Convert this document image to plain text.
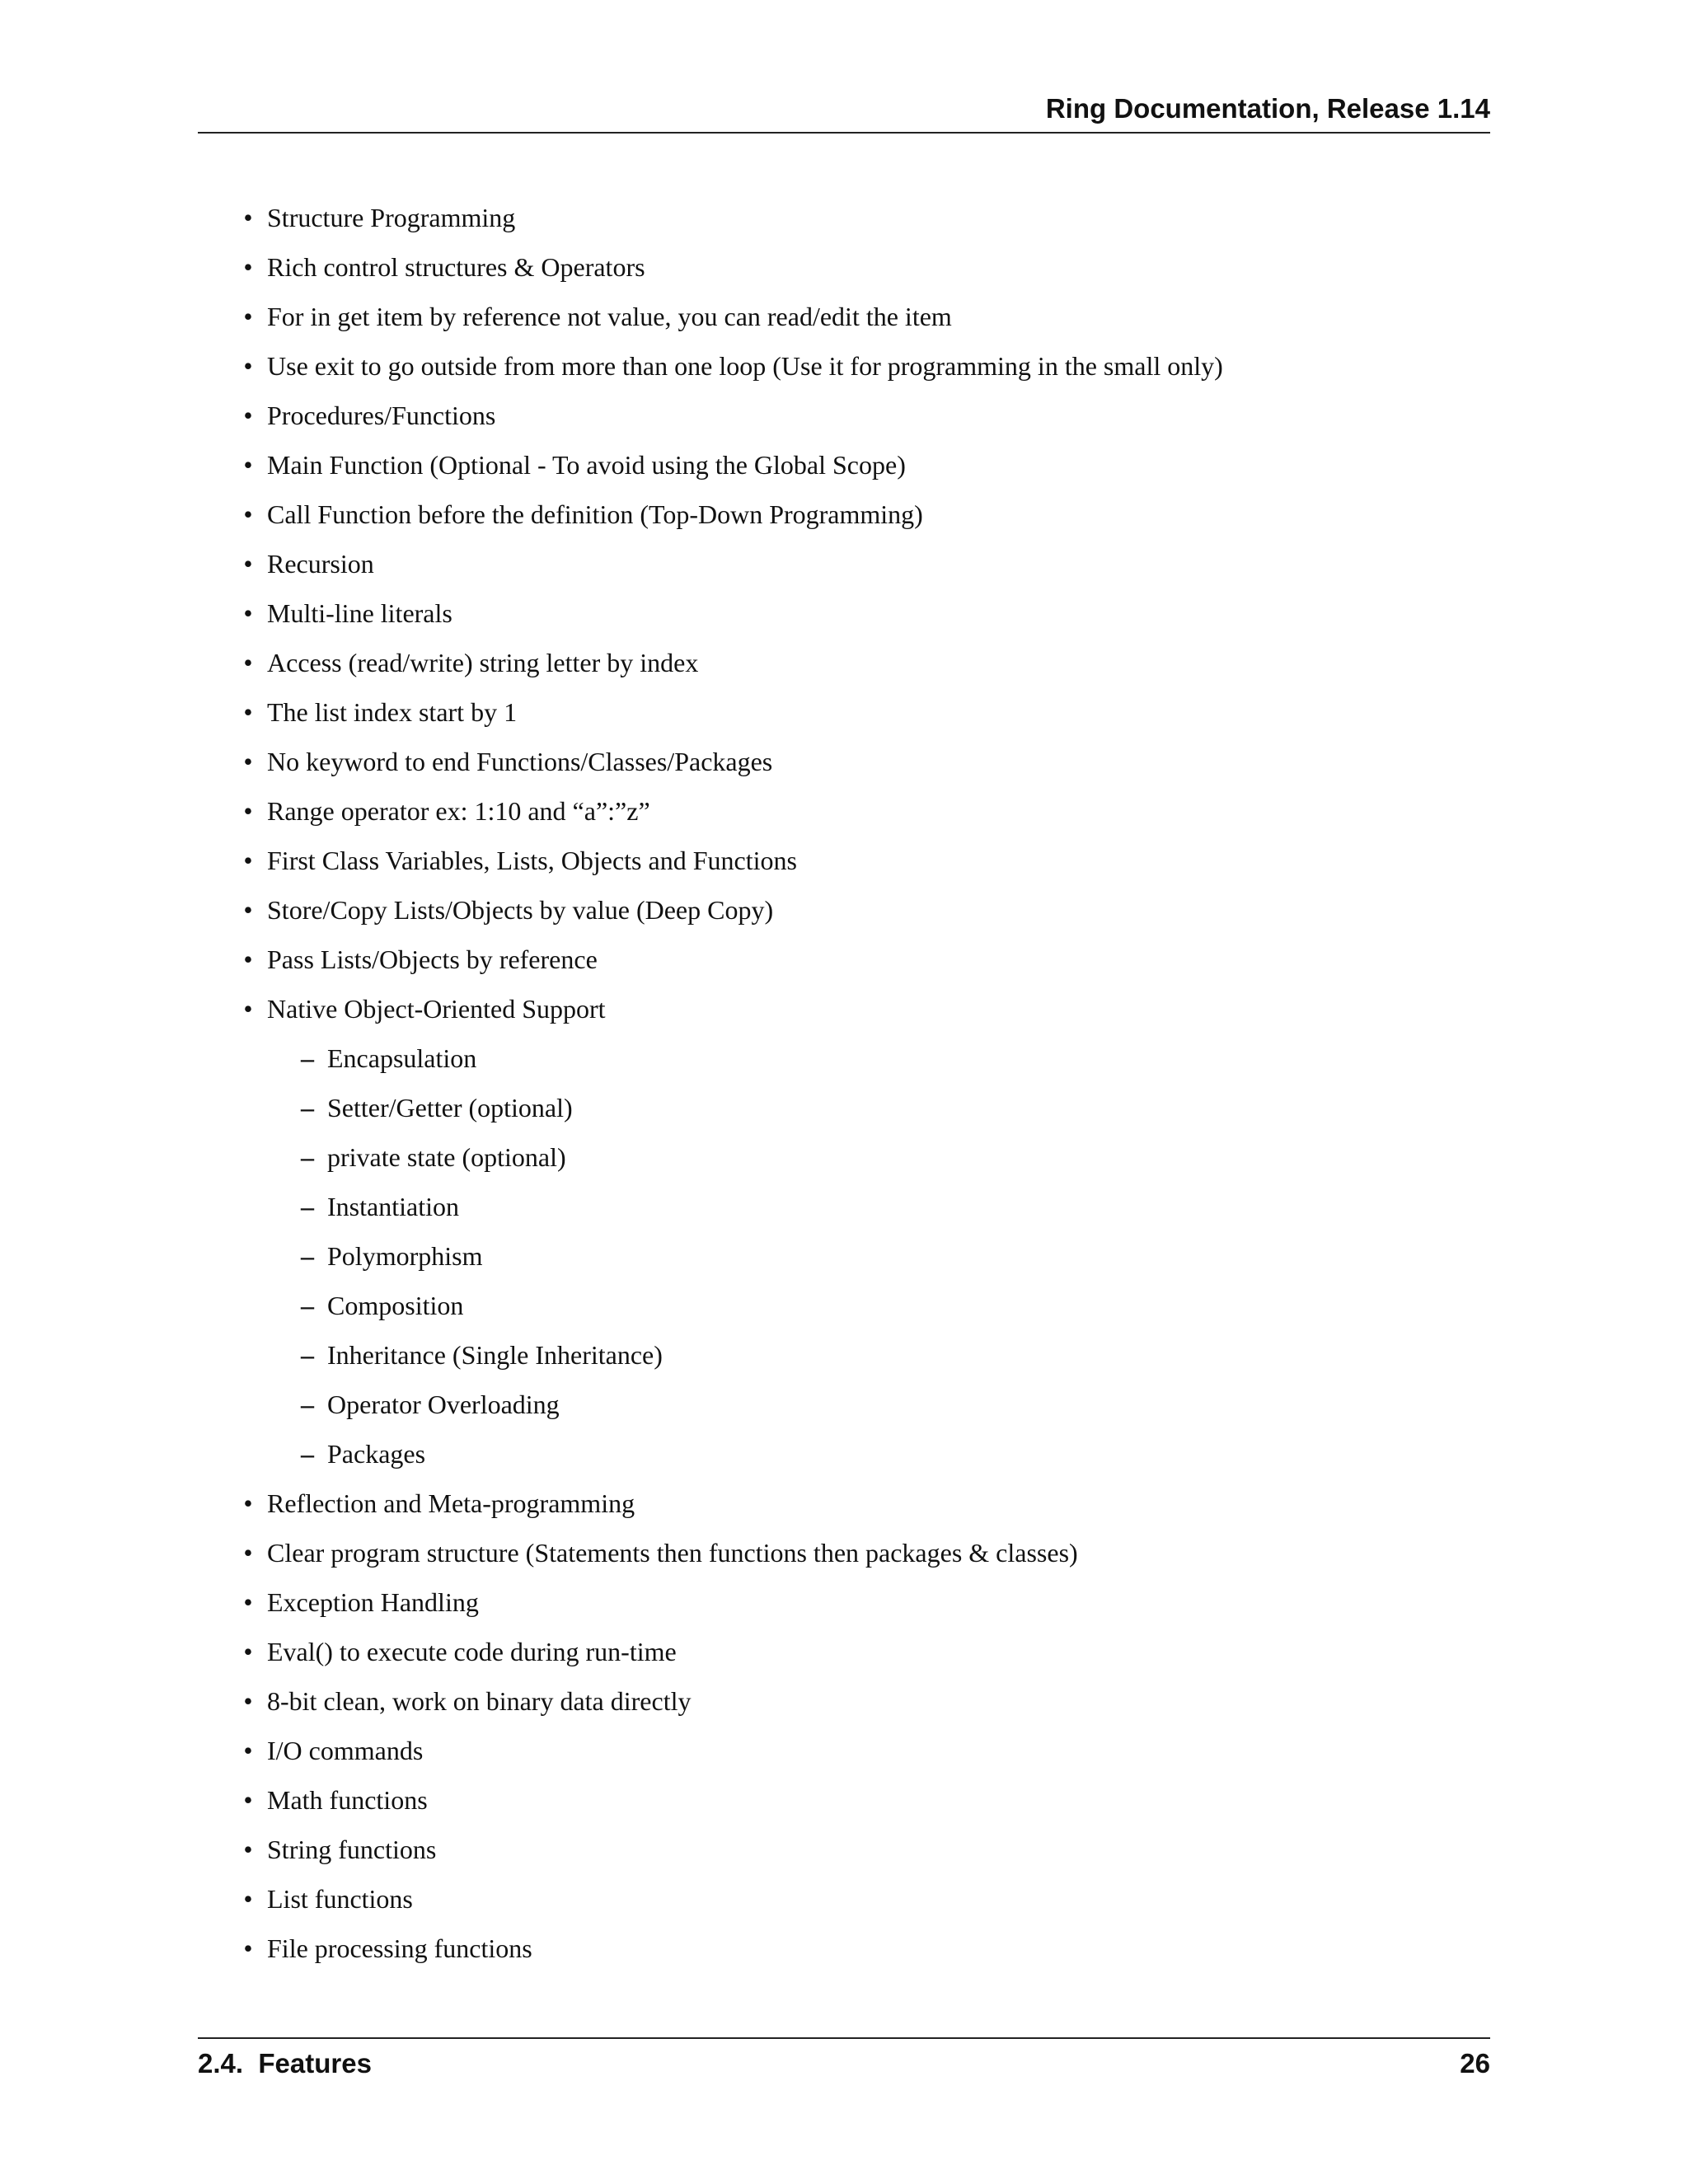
Ring Documentation, Release 1.14
• Structure Programming
• Rich control structures & Operators
• For in get item by reference not value, you can read/edit the item
• Use exit to go outside from more than one loop (Use it for programming in the small only)
• Procedures/Functions
• Main Function (Optional - To avoid using the Global Scope)
• Call Function before the definition (Top-Down Programming)
• Recursion
• Multi-line literals
• Access (read/write) string letter by index
• The list index start by 1
• No keyword to end Functions/Classes/Packages
• Range operator ex: 1:10 and “a”:”z”
• First Class Variables, Lists, Objects and Functions
• Store/Copy Lists/Objects by value (Deep Copy)
• Pass Lists/Objects by reference
• Native Object-Oriented Support
– Encapsulation
– Setter/Getter (optional)
– private state (optional)
– Instantiation
– Polymorphism
– Composition
– Inheritance (Single Inheritance)
– Operator Overloading
– Packages
• Reflection and Meta-programming
• Clear program structure (Statements then functions then packages & classes)
• Exception Handling
• Eval() to execute code during run-time
• 8-bit clean, work on binary data directly
• I/O commands
• Math functions
• String functions
• List functions
• File processing functions
2.4.  Features	26
